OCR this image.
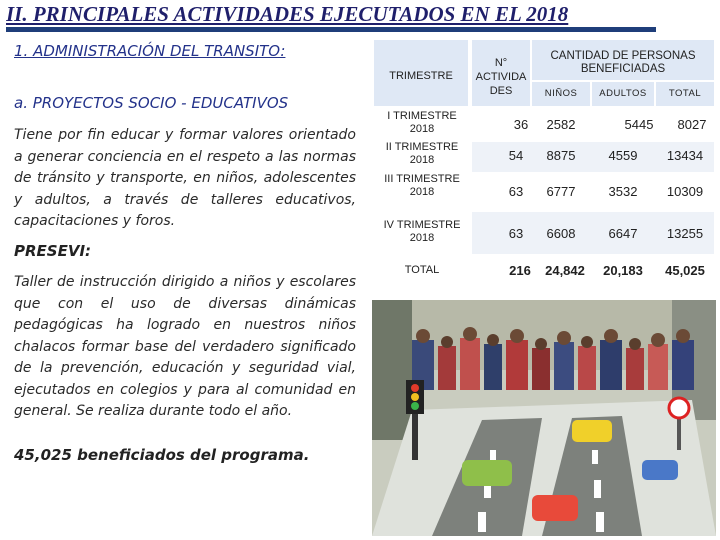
II. PRINCIPALES ACTIVIDADES EJECUTADOS EN EL 2018
1. ADMINISTRACIÓN DEL TRANSITO:
a. PROYECTOS SOCIO - EDUCATIVOS
Tiene por fin educar y formar valores orientado a generar conciencia en el respeto a las normas de tránsito y transporte, en niños, adolescentes y adultos, a través de talleres educativos, capacitaciones y foros.
PRESEVI:
Taller de instrucción dirigido a niños y escolares que con el uso de diversas dinámicas pedagógicas ha logrado en nuestros niños chalacos formar base del verdadero significado de la prevención, educación y seguridad vial, ejecutados en colegios y para al comunidad en general. Se realiza durante todo el año.
45,025 beneficiados del programa.
TRIMESTRE
N° ACTIVIDA DES
CANTIDAD DE PERSONAS BENEFICIADAS
NIÑOS	ADULTOS	TOTAL
I TRIMESTRE 2018	36	2582	5445	8027
II TRIMESTRE 2018	54	8875	4559	13434
III TRIMESTRE 2018	63	6777	3532	10309
IV TRIMESTRE 2018	63	6608	6647	13255
TOTAL	216	24,842	20,183	45,025
